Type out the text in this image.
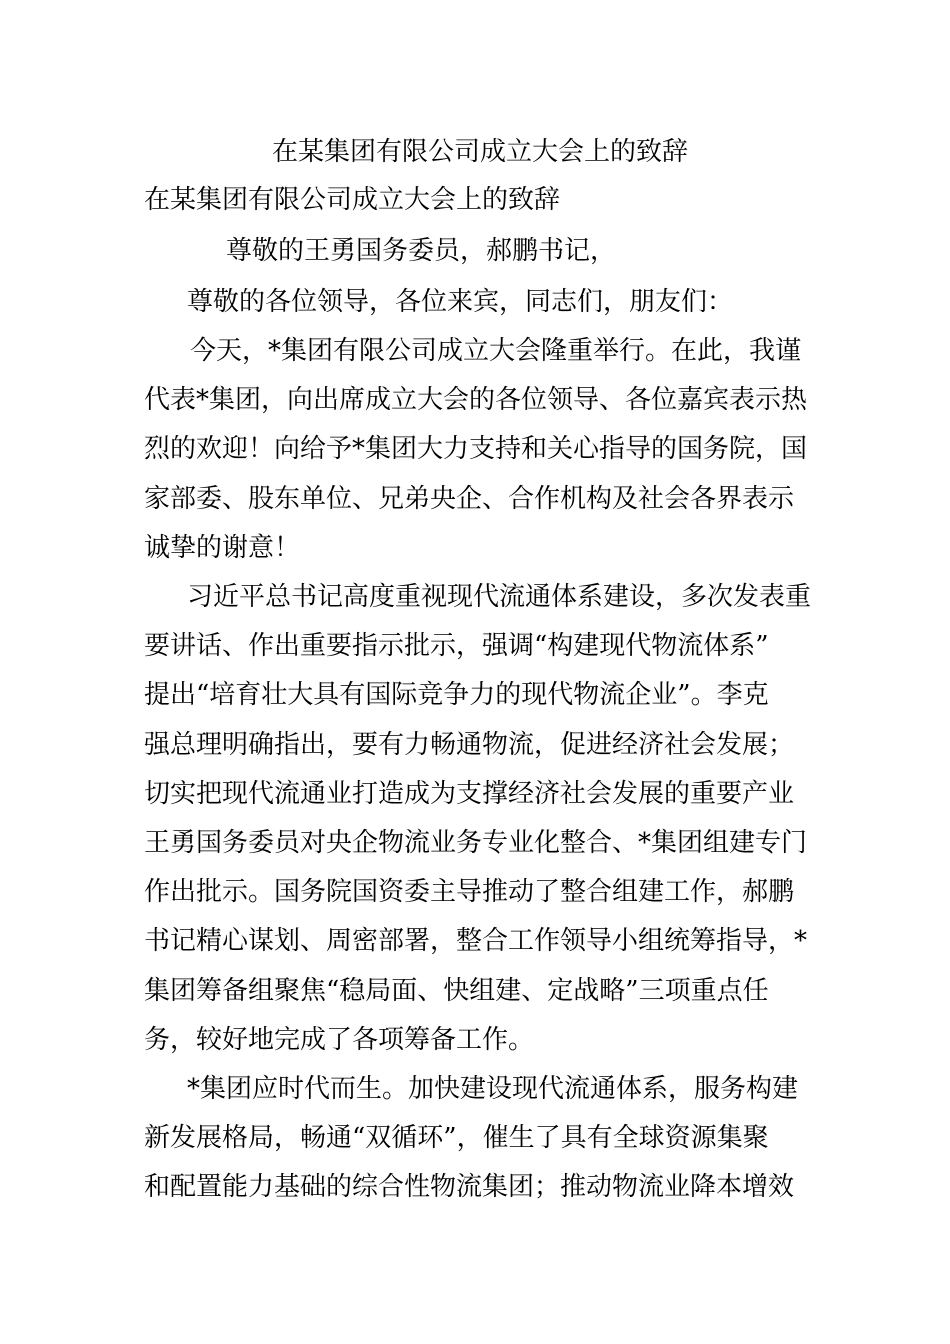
在某集团有限公司成立大会上的致辞
在某集团有限公司成立大会上的致辞
尊敬的王勇国务委员，郝鹏书记，
尊敬的各位领导，各位来宾，同志们，朋友们：
今天，*集团有限公司成立大会隆重举行。在此，我谨
代表*集团，向出席成立大会的各位领导、各位嘉宾表示热
烈的欢迎！向给予*集团大力支持和关心指导的国务院，国
家部委、股东单位、兄弟央企、合作机构及社会各界表示
诚挚的谢意！
习近平总书记高度重视现代流通体系建设，多次发表重
要讲话、作出重要指示批示，强调“构建现代物流体系”
提出“培育壮大具有国际竞争力的现代物流企业”。李克
强总理明确指出，要有力畅通物流，促进经济社会发展；
切实把现代流通业打造成为支撑经济社会发展的重要产业
王勇国务委员对央企物流业务专业化整合、*集团组建专门
作出批示。国务院国资委主导推动了整合组建工作，郝鹏
书记精心谋划、周密部署，整合工作领导小组统筹指导，*
集团筹备组聚焦“稳局面、快组建、定战略”三项重点任
务，较好地完成了各项筹备工作。
*集团应时代而生。加快建设现代流通体系，服务构建
新发展格局，畅通“双循环”，催生了具有全球资源集聚
和配置能力基础的综合性物流集团；推动物流业降本增效
